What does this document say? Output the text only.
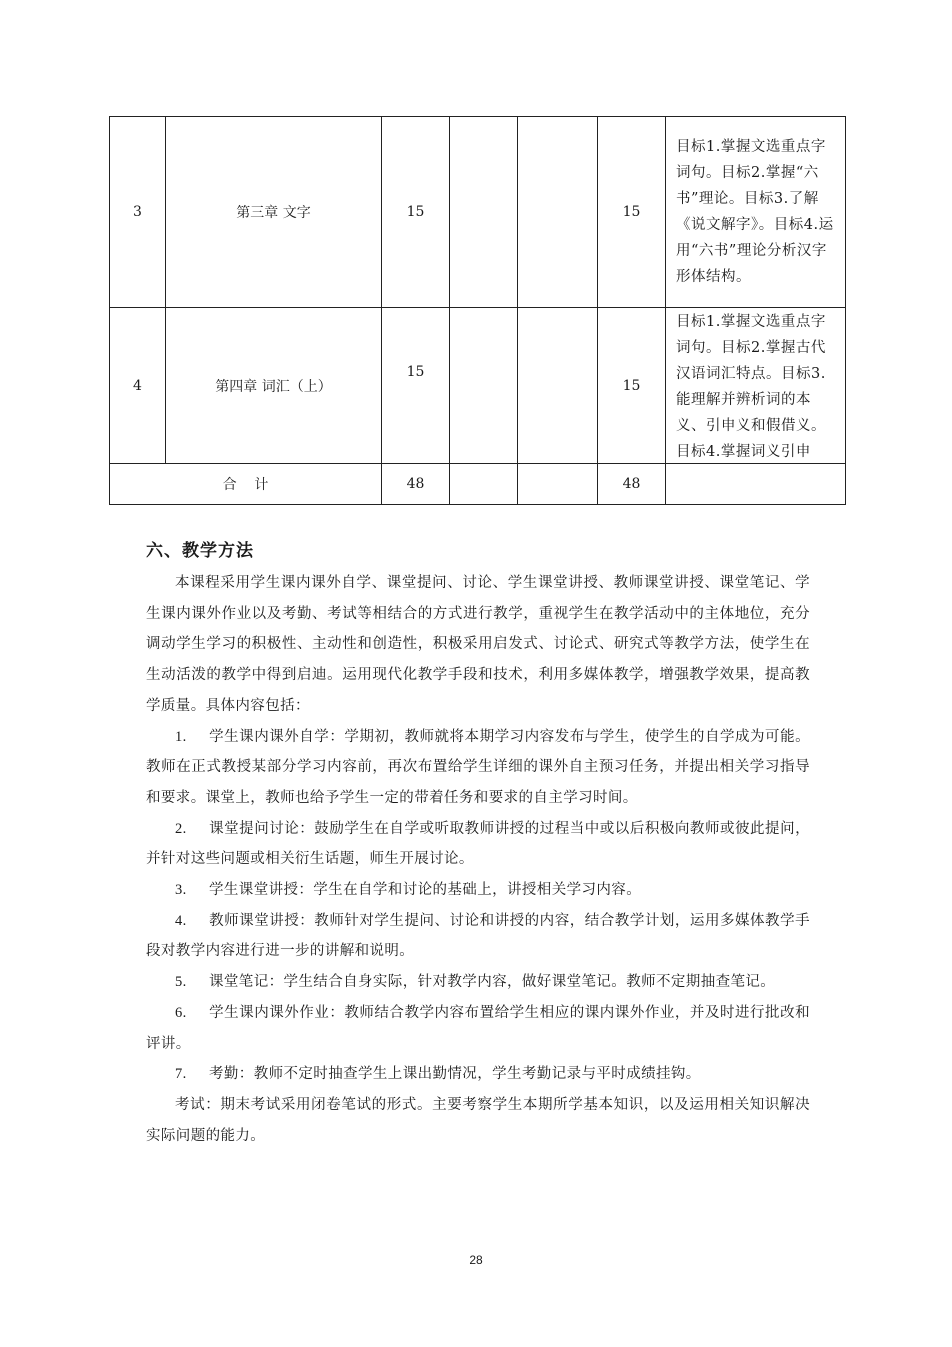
3	第三章 文字	15			15	目标1.掌握文选重点字词句。目标2.掌握“六书”理论。目标3.了解《说文解字》。目标4.运用“六书”理论分析汉字形体结构。

4	第四章 词汇（上）	15			15	目标1.掌握文选重点字词句。目标2.掌握古代汉语词汇特点。目标3.能理解并辨析词的本义、引申义和假借义。目标4.掌握词义引申

合    计		48			48	
六、教学方法

本课程采用学生课内课外自学、课堂提问、讨论、学生课堂讲授、教师课堂讲授、课堂笔记、学生课内课外作业以及考勤、考试等相结合的方式进行教学，重视学生在教学活动中的主体地位，充分调动学生学习的积极性、主动性和创造性，积极采用启发式、讨论式、研究式等教学方法，使学生在生动活泼的教学中得到启迪。运用现代化教学手段和技术，利用多媒体教学，增强教学效果，提高教学质量。具体内容包括：

1. 学生课内课外自学：学期初，教师就将本期学习内容发布与学生，使学生的自学成为可能。教师在正式教授某部分学习内容前，再次布置给学生详细的课外自主预习任务，并提出相关学习指导和要求。课堂上，教师也给予学生一定的带着任务和要求的自主学习时间。

2. 课堂提问讨论：鼓励学生在自学或听取教师讲授的过程当中或以后积极向教师或彼此提问，并针对这些问题或相关衍生话题，师生开展讨论。

3. 学生课堂讲授：学生在自学和讨论的基础上，讲授相关学习内容。

4. 教师课堂讲授：教师针对学生提问、讨论和讲授的内容，结合教学计划，运用多媒体教学手段对教学内容进行进一步的讲解和说明。

5. 课堂笔记：学生结合自身实际，针对教学内容，做好课堂笔记。教师不定期抽查笔记。

6. 学生课内课外作业：教师结合教学内容布置给学生相应的课内课外作业，并及时进行批改和评讲。

7. 考勤：教师不定时抽查学生上课出勤情况，学生考勤记录与平时成绩挂钩。

考试：期末考试采用闭卷笔试的形式。主要考察学生本期所学基本知识，以及运用相关知识解决实际问题的能力。

28
